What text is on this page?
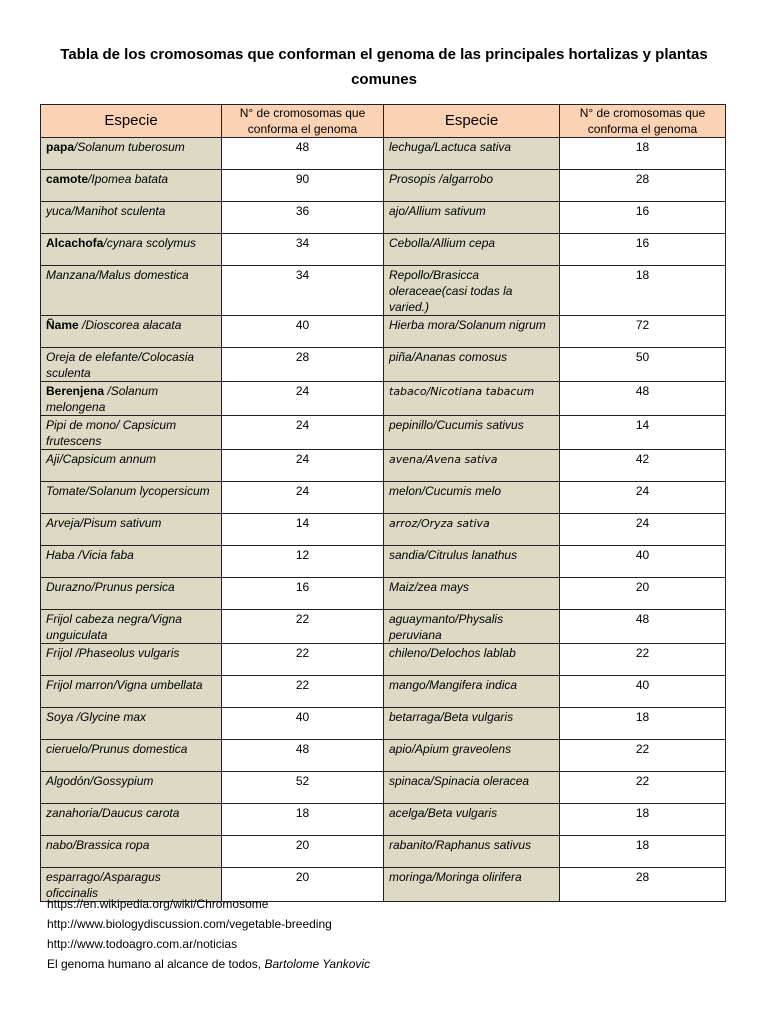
Tabla de los cromosomas que conforman el genoma de las principales hortalizas y plantas comunes
Especie	N° de cromosomas que conforma el genoma	Especie	N° de cromosomas que conforma el genoma
papa/Solanum tuberosum	48	lechuga/Lactuca sativa	18
camote/Ipomea batata	90	Prosopis /algarrobo	28
yuca/Manihot sculenta	36	ajo/Allium sativum	16
Alcachofa/cynara scolymus	34	Cebolla/Allium cepa	16
Manzana/Malus domestica	34	Repollo/Brasicca oleraceae(casi todas la varied.)	18
Ñame /Dioscorea alacata	40	Hierba mora/Solanum nigrum	72
Oreja de elefante/Colocasia sculenta	28	piña/Ananas comosus	50
Berenjena /Solanum melongena	24	tabaco/Nicotiana tabacum	48
Pipi de mono/ Capsicum frutescens	24	pepinillo/Cucumis sativus	14
Aji/Capsicum annum	24	avena/Avena sativa	42
Tomate/Solanum lycopersicum	24	melon/Cucumis melo	24
Arveja/Pisum sativum	14	arroz/Oryza sativa	24
Haba /Vicia faba	12	sandia/Citrulus lanathus	40
Durazno/Prunus persica	16	Maiz/zea mays	20
Frijol cabeza negra/Vigna unguiculata	22	aguaymanto/Physalis peruviana	48
Frijol /Phaseolus vulgaris	22	chileno/Delochos lablab	22
Frijol marron/Vigna umbellata	22	mango/Mangifera indica	40
Soya /Glycine max	40	betarraga/Beta vulgaris	18
cieruelo/Prunus domestica	48	apio/Apium graveolens	22
Algodón/Gossypium	52	spinaca/Spinacia oleracea	22
zanahoria/Daucus carota	18	acelga/Beta vulgaris	18
nabo/Brassica ropa	20	rabanito/Raphanus sativus	18
esparrago/Asparagus oficcinalis	20	moringa/Moringa olirifera	28
https://en.wikipedia.org/wiki/Chromosome
http://www.biologydiscussion.com/vegetable-breeding
http://www.todoagro.com.ar/noticias
El genoma humano al alcance de todos, Bartolome Yankovic
